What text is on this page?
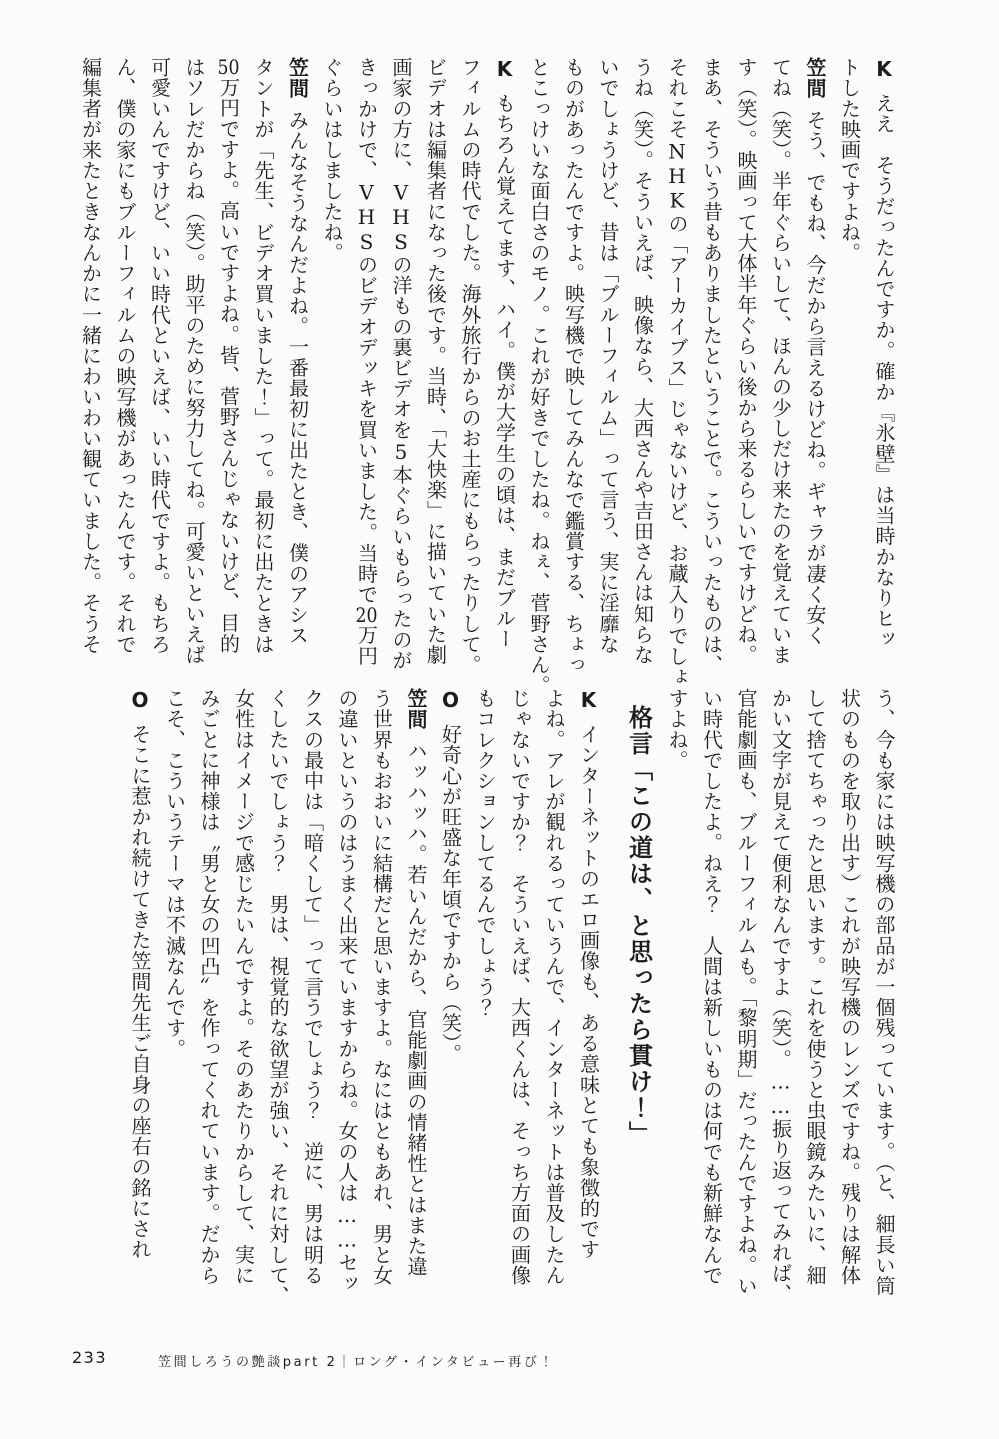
Kええ　そうだったんですか。確か『氷壁』は当時かなりヒッ
トした映画ですよね。
笠間そう、でもね、今だから言えるけどね。ギャラが凄く安く
てね（笑）。半年ぐらいして、ほんの少しだけ来たのを覚えていま
す（笑）。映画って大体半年ぐらい後から来るらしいですけどね。
まあ、そういう昔もありましたということで。こういったものは、
それこそNHKの「アーカイブス」じゃないけど、お蔵入りでしょ
うね（笑）。そういえば、映像なら、大西さんや吉田さんは知らな
いでしょうけど、昔は「ブルーフィルム」って言う、実に淫靡な
ものがあったんですよ。映写機で映してみんなで鑑賞する、ちょっ
とこっけいな面白さのモノ。これが好きでしたね。ねぇ、菅野さん。
Kもちろん覚えてます、ハイ。僕が大学生の頃は、まだブルー
フィルムの時代でした。海外旅行からのお土産にもらったりして。
ビデオは編集者になった後です。当時、「大快楽」に描いていた劇
画家の方に、VHSの洋もの裏ビデオを5本ぐらいもらったのが
きっかけで、VHSのビデオデッキを買いました。当時で20万円
ぐらいはしましたね。
笠間みんなそうなんだよね。一番最初に出たとき、僕のアシス
タントが「先生、ビデオ買いました！」って。最初に出たときは
50万円ですよ。高いですよね。皆、菅野さんじゃないけど、目的
はソレだからね（笑）。助平のために努力してね。可愛いといえば
可愛いんですけど、いい時代といえば、いい時代ですよ。もちろ
ん、僕の家にもブルーフィルムの映写機があったんです。それで
編集者が来たときなんかに一緒にわいわい観ていました。そうそ
う、今も家には映写機の部品が一個残っています。（と、細長い筒
状のものを取り出す）これが映写機のレンズですね。残りは解体
して捨てちゃったと思います。これを使うと虫眼鏡みたいに、細
かい文字が見えて便利なんですよ（笑）。……振り返ってみれば、
官能劇画も、ブルーフィルムも。「黎明期」だったんですよね。い
い時代でしたよ。ねえ？　人間は新しいものは何でも新鮮なんで
すよね。
格言「この道は、と思ったら貫け！」
Kインターネットのエロ画像も、ある意味とても象徴的です
よね。アレが観れるっていうんで、インターネットは普及したん
じゃないですか？　そういえば、大西くんは、そっち方面の画像
もコレクションしてるんでしょう？
O好奇心が旺盛な年頃ですから（笑）。
笠間ハッハッハ。若いんだから、官能劇画の情緒性とはまた違
う世界もおおいに結構だと思いますよ。なにはともあれ、男と女
の違いというのはうまく出来ていますからね。女の人は……セッ
クスの最中は「暗くして」って言うでしょう？　逆に、男は明る
くしたいでしょう？　男は、視覚的な欲望が強い、それに対して、
女性はイメージで感じたいんですよ。そのあたりからして、実に
みごとに神様は〝男と女の凹凸〟を作ってくれています。だから
こそ、こういうテーマは不滅なんです。
Oそこに惹かれ続けてきた笠間先生ご自身の座右の銘にされ
233	笠間しろうの艶談part 2｜ロング・インタビュー再び！
